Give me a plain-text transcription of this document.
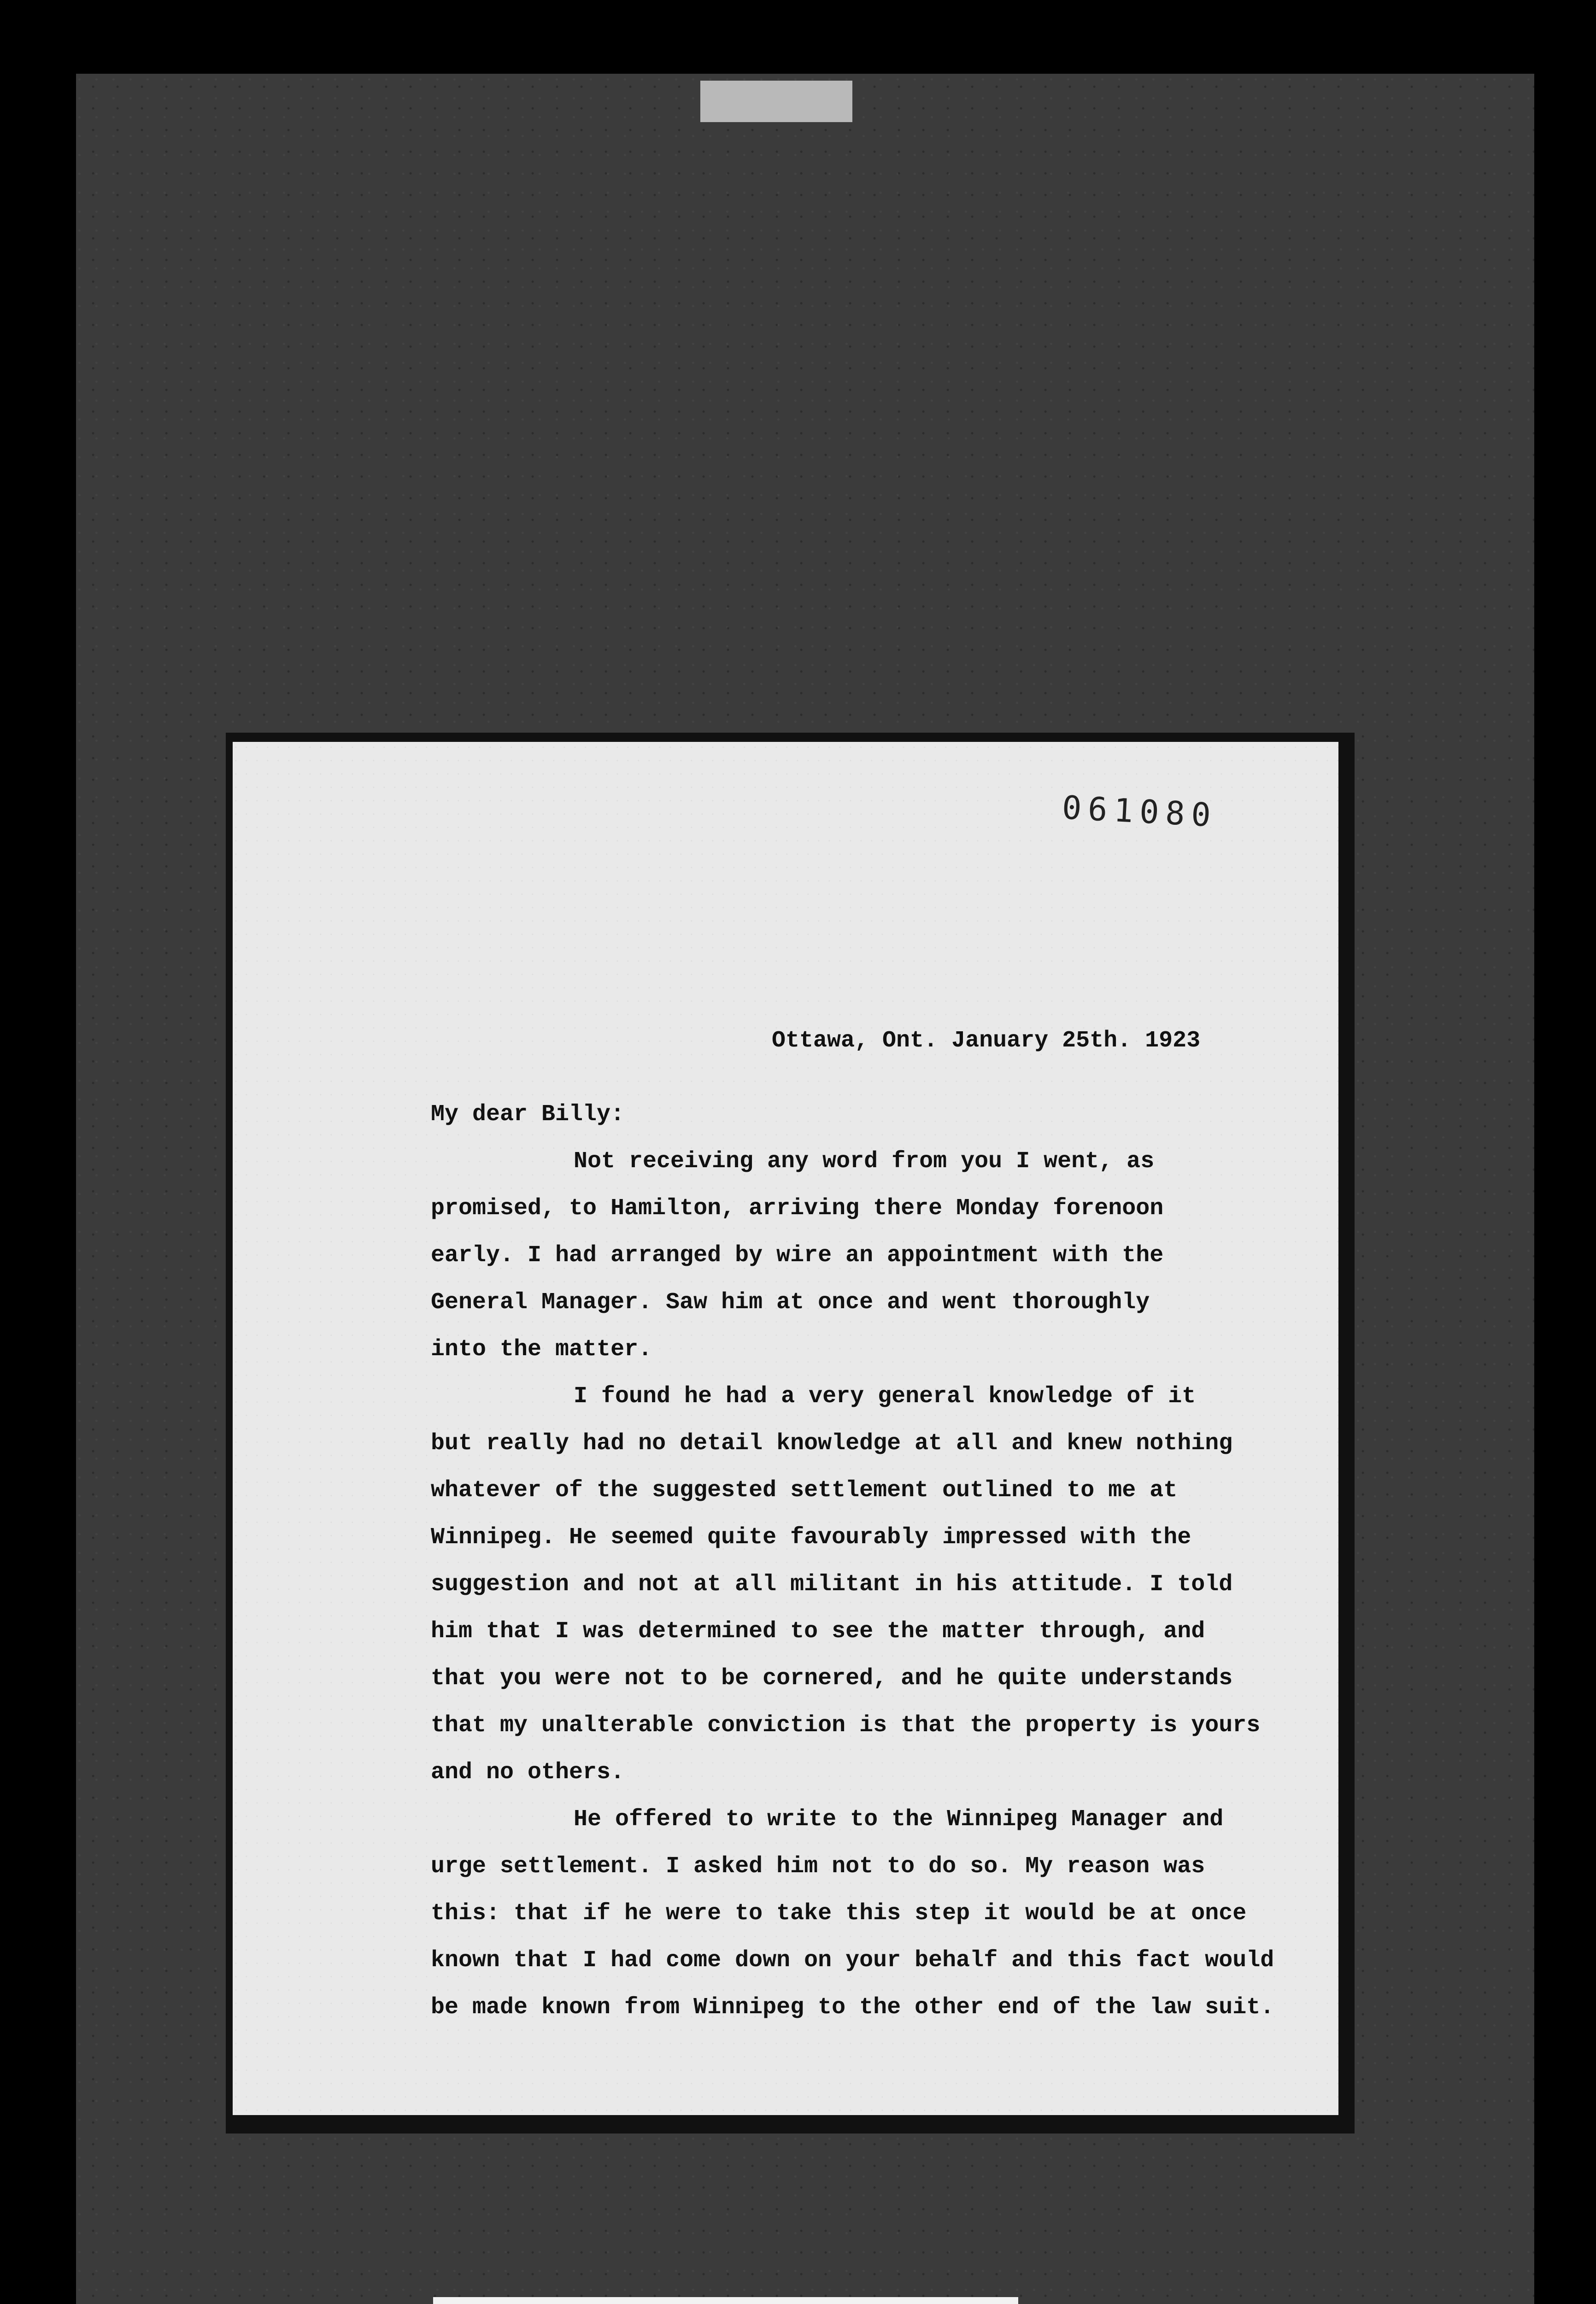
061080
Ottawa, Ont. January 25th. 1923
My dear Billy:

Not receiving any word from you I went, as
promised, to Hamilton, arriving there Monday forenoon
early. I had arranged by wire an appointment with the
General Manager. Saw him at once and went thoroughly
into the matter.

I found he had a very general knowledge of it
but really had no detail knowledge at all and knew nothing
whatever of the suggested settlement outlined to me at
Winnipeg. He seemed quite favourably impressed with the
suggestion and not at all militant in his attitude. I told
him that I was determined to see the matter through, and
that you were not to be cornered, and he quite understands
that my unalterable conviction is that the property is yours
and no others.

He offered to write to the Winnipeg Manager and
urge settlement. I asked him not to do so. My reason was
this: that if he were to take this step it would be at once
known that I had come down on your behalf and this fact would
be made known from Winnipeg to the other end of the law suit.
